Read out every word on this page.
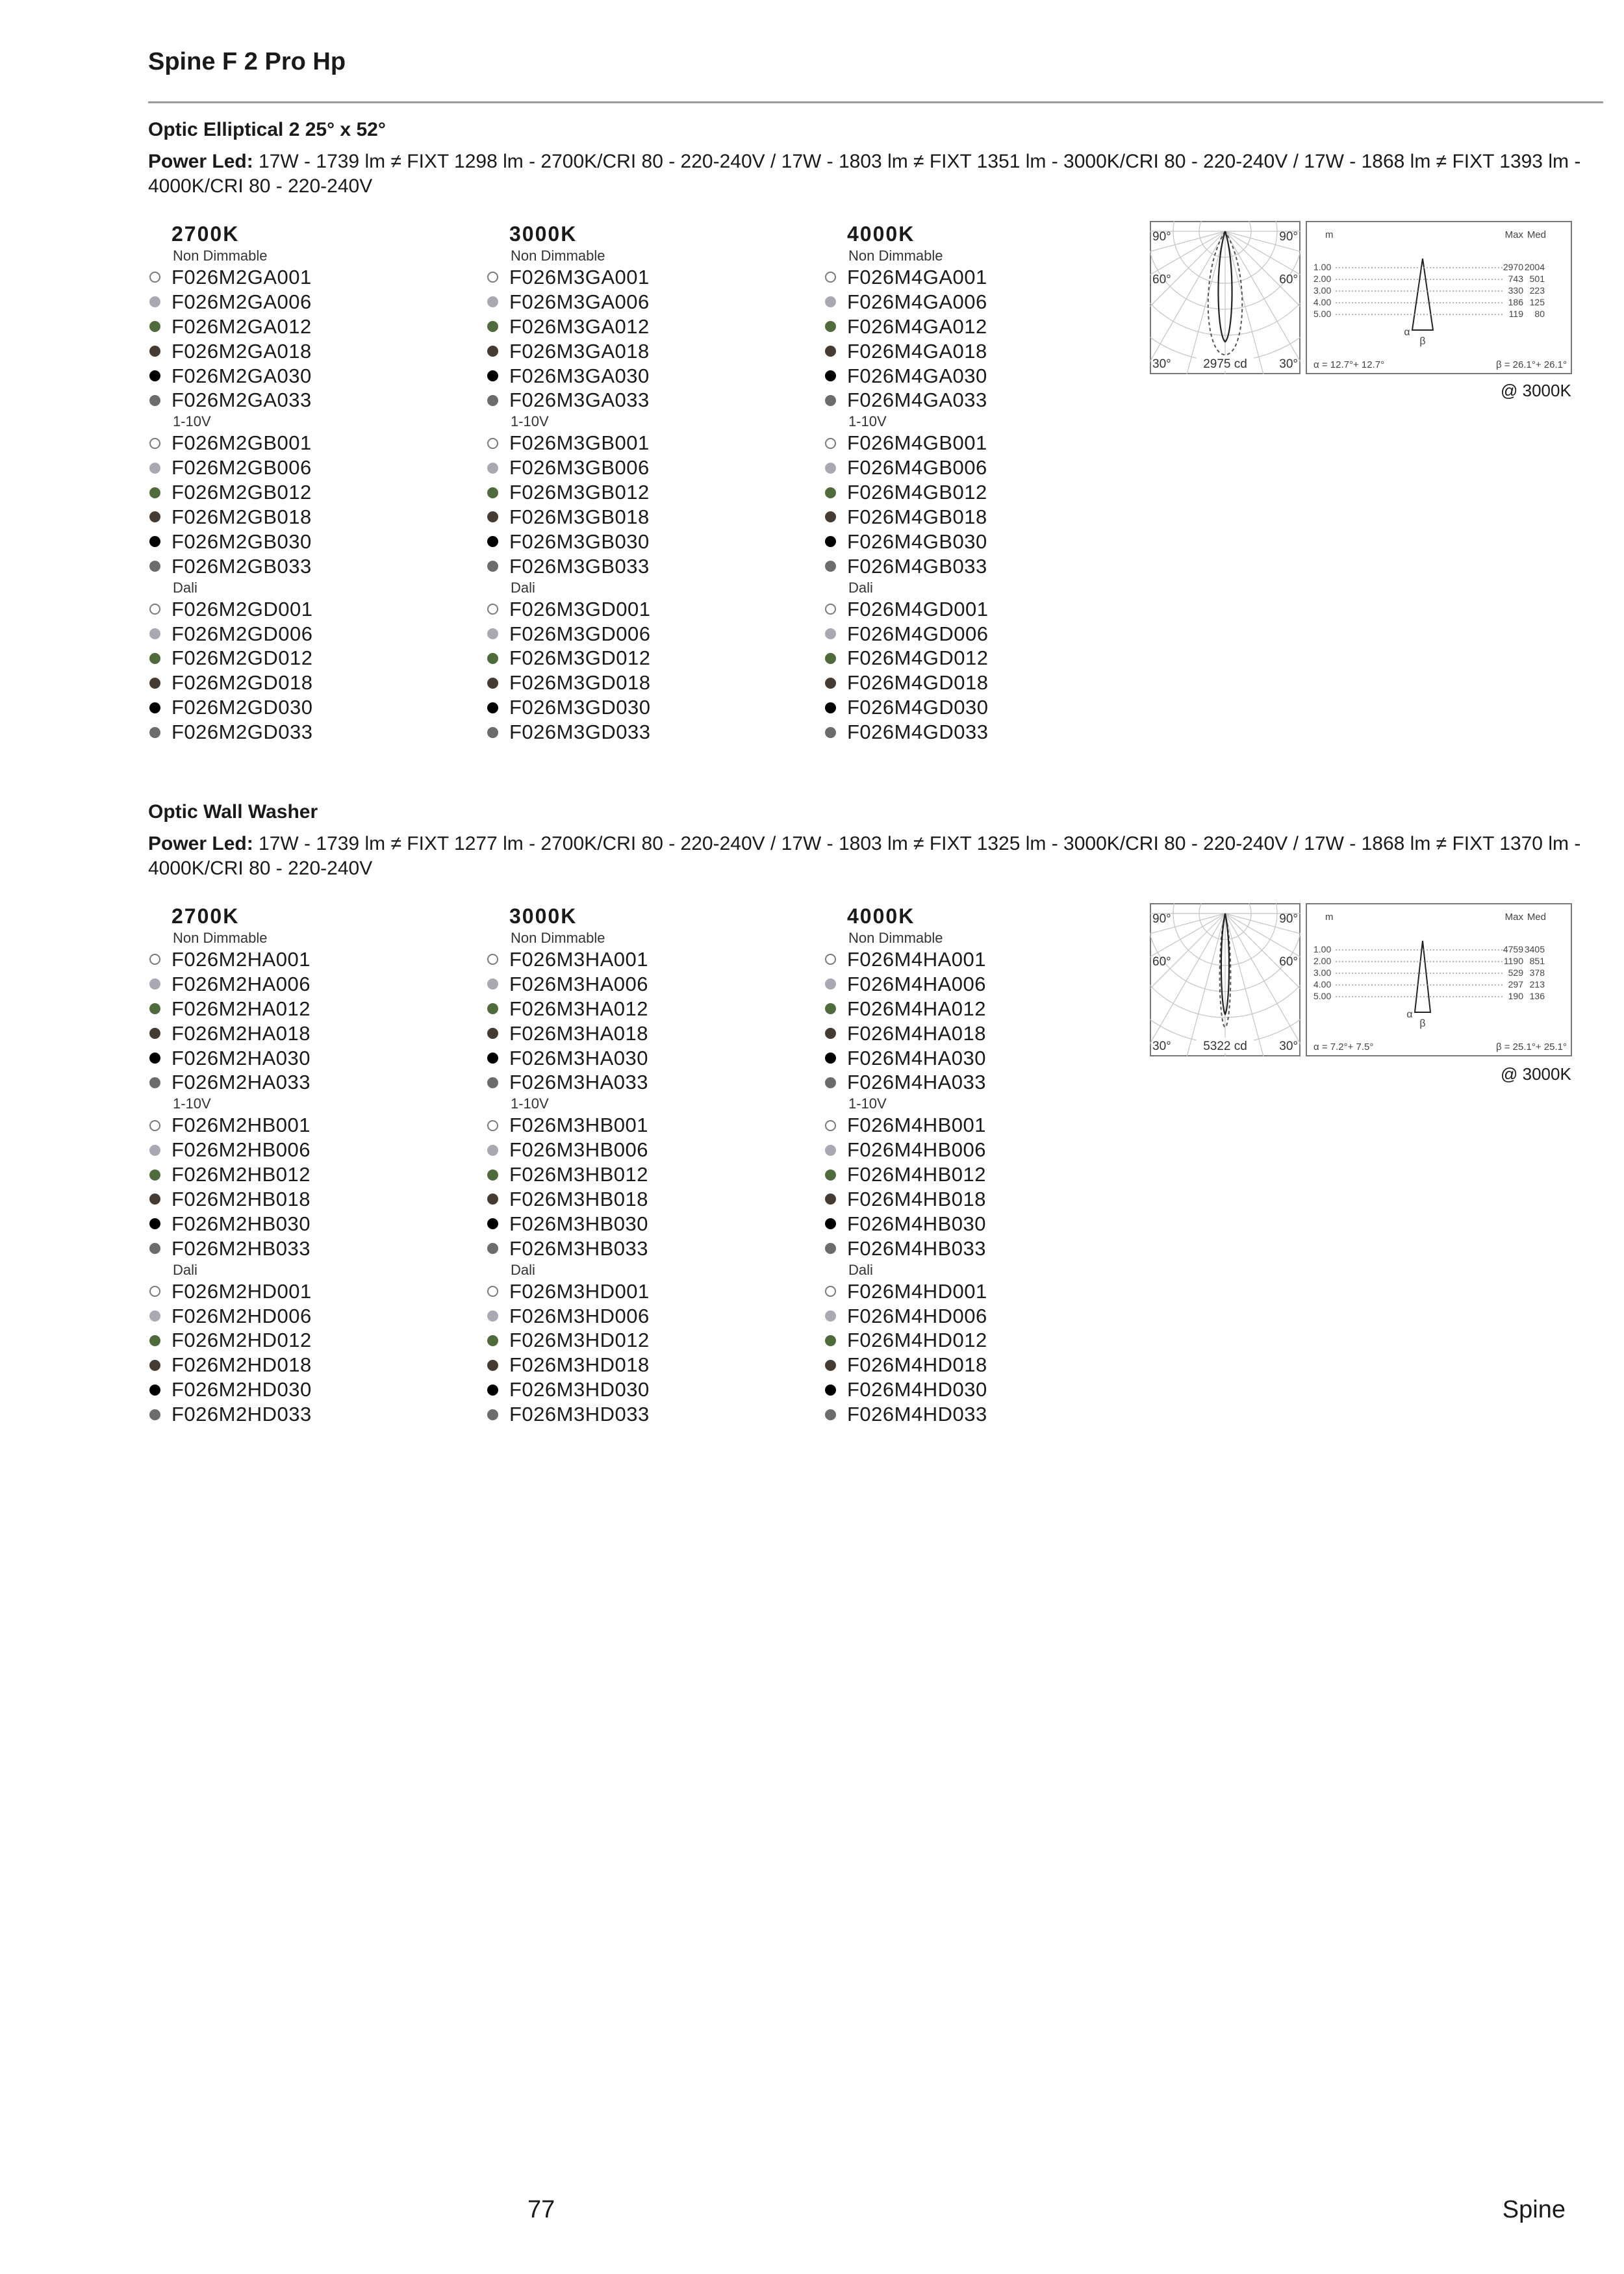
Spine F 2 Pro Hp
Optic Elliptical 2 25° x 52°
Power Led: 17W - 1739 lm ≠ FIXT 1298 lm - 2700K/CRI 80 - 220-240V / 17W - 1803 lm ≠ FIXT 1351 lm - 3000K/CRI 80 - 220-240V / 17W - 1868 lm ≠ FIXT 1393 lm - 4000K/CRI 80 - 220-240V
2700K
Non Dimmable
F026M2GA001
F026M2GA006
F026M2GA012
F026M2GA018
F026M2GA030
F026M2GA033
1-10V
F026M2GB001
F026M2GB006
F026M2GB012
F026M2GB018
F026M2GB030
F026M2GB033
Dali
F026M2GD001
F026M2GD006
F026M2GD012
F026M2GD018
F026M2GD030
F026M2GD033
3000K
Non Dimmable
F026M3GA001
F026M3GA006
F026M3GA012
F026M3GA018
F026M3GA030
F026M3GA033
1-10V
F026M3GB001
F026M3GB006
F026M3GB012
F026M3GB018
F026M3GB030
F026M3GB033
Dali
F026M3GD001
F026M3GD006
F026M3GD012
F026M3GD018
F026M3GD030
F026M3GD033
4000K
Non Dimmable
F026M4GA001
F026M4GA006
F026M4GA012
F026M4GA018
F026M4GA030
F026M4GA033
1-10V
F026M4GB001
F026M4GB006
F026M4GB012
F026M4GB018
F026M4GB030
F026M4GB033
Dali
F026M4GD001
F026M4GD006
F026M4GD012
F026M4GD018
F026M4GD030
F026M4GD033
Optic Wall Washer
Power Led: 17W - 1739 lm ≠ FIXT 1277 lm - 2700K/CRI 80 - 220-240V / 17W - 1803 lm ≠ FIXT 1325 lm - 3000K/CRI 80 - 220-240V / 17W - 1868 lm ≠ FIXT 1370 lm - 4000K/CRI 80 - 220-240V
2700K
Non Dimmable
F026M2HA001
F026M2HA006
F026M2HA012
F026M2HA018
F026M2HA030
F026M2HA033
1-10V
F026M2HB001
F026M2HB006
F026M2HB012
F026M2HB018
F026M2HB030
F026M2HB033
Dali
F026M2HD001
F026M2HD006
F026M2HD012
F026M2HD018
F026M2HD030
F026M2HD033
3000K
Non Dimmable
F026M3HA001
F026M3HA006
F026M3HA012
F026M3HA018
F026M3HA030
F026M3HA033
1-10V
F026M3HB001
F026M3HB006
F026M3HB012
F026M3HB018
F026M3HB030
F026M3HB033
Dali
F026M3HD001
F026M3HD006
F026M3HD012
F026M3HD018
F026M3HD030
F026M3HD033
4000K
Non Dimmable
F026M4HA001
F026M4HA006
F026M4HA012
F026M4HA018
F026M4HA030
F026M4HA033
1-10V
F026M4HB001
F026M4HB006
F026M4HB012
F026M4HB018
F026M4HB030
F026M4HB033
Dali
F026M4HD001
F026M4HD006
F026M4HD012
F026M4HD018
F026M4HD030
F026M4HD033
77	Spine
90°	90°
60°	60°
30°	30°
2975 cd
m	Max Med
1.00	2970 2004
2.00	743 501
3.00	330 223
4.00	186 125
5.00	119 80
α
β
α = 12.7°+ 12.7°	β = 26.1°+ 26.1°
@ 3000K
90°	90°
60°	60°
30°	30°
5322 cd
m	Max Med
1.00	4759 3405
2.00	1190 851
3.00	529 378
4.00	297 213
5.00	190 136
α
β
α = 7.2°+ 7.5°	β = 25.1°+ 25.1°
@ 3000K
